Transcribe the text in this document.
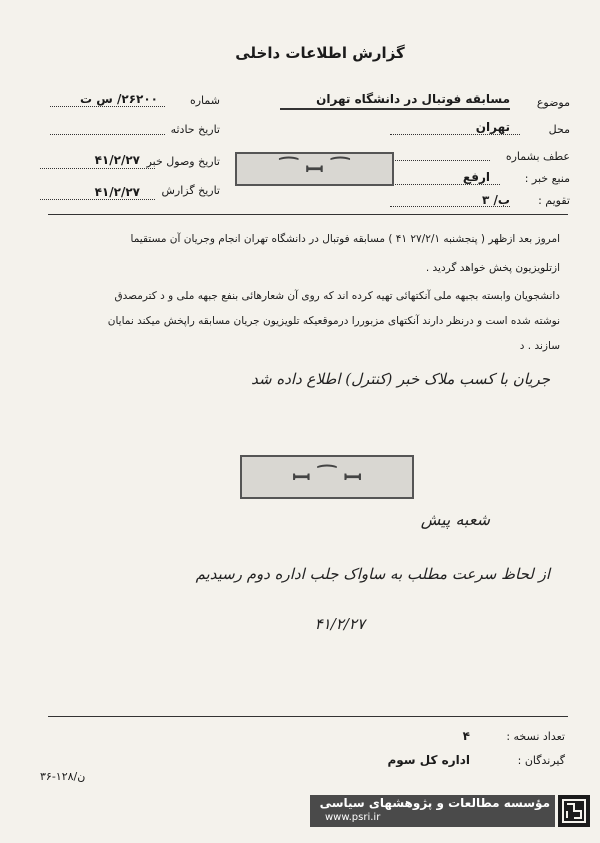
گزارش اطلاعات داخلی
شماره
۲۶۲۰۰/ س ت
تاریخ حادثه
تاریخ وصول خبر
۴۱/۲/۲۷
تاریخ گزارش
۴۱/۲/۲۷
موضوع
مسابقه فوتبال در دانشگاه تهران
محل
تهران
عطف بشماره
منبع خبر :
ارفع
تقویم :
ب/ ۳
⁀ ꟷ ⁀
امروز بعد ازظهر ( پنجشنبه ۲۷/۲/۱ ۴۱ ) مسابقه فوتبال در دانشگاه تهران انجام وجریان آن مستقیما
ازتلویزیون پخش خواهد گردید .
دانشجویان وابسته بجبهه ملی آنکتهائی تهیه کرده اند که روی آن شعارهائی بنفع جبهه ملی و د کترمصدق
نوشته شده است و درنظر دارند آنکتهای مزبوررا درموقعیکه تلویزیون جریان مسابقه راپخش میکند نمایان
سازند . د
جریان با کسب ملاک خبر (کنترل) اطلاع داده شد
ꟷ ⁀ ꟷ
شعبه پیش
از لحاظ سرعت مطلب به ساواک جلب اداره دوم رسیدیم
۴۱/۲/۲۷
تعداد نسخه :
۴
گیرندگان :
اداره کل سوم
۳۶-۱۲۸/ن
مؤسسه مطالعات و پژوهشهای سیاسی
www.psri.ir
